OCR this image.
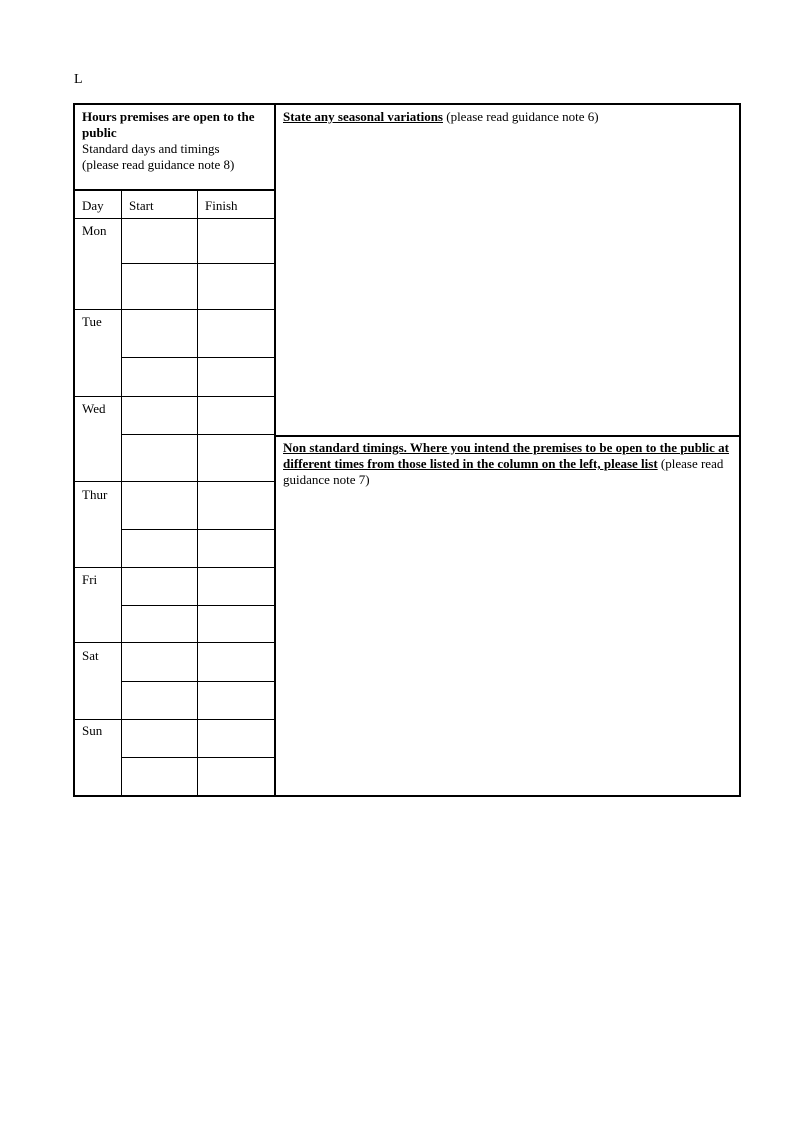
L
Hours premises are open to the public
Standard days and timings
(please read guidance note 8)
Day Start	Finish
Mon
Tue
Wed
Thur
Fri
Sat
Sun
State any seasonal variations (please read guidance note 6)
Non standard timings. Where you intend the premises to be open to the public at different times from those listed in the column on the left, please list (please read guidance note 7)
